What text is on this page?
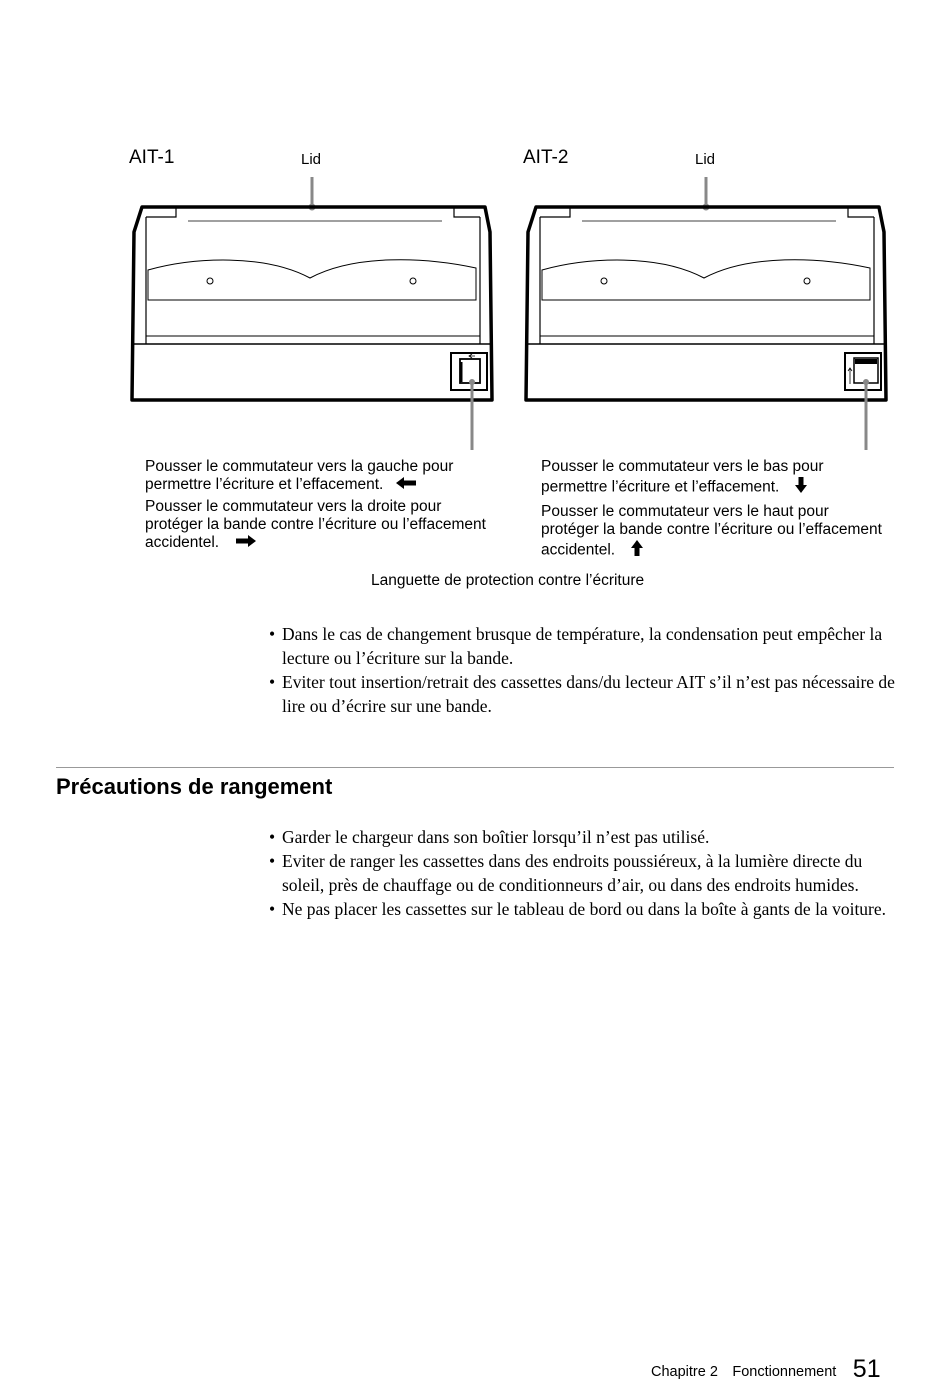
AIT-1	Lid

Pousser le commutateur vers la gauche pour

permettre l’écriture et l’effacement.

Pousser le commutateur vers la droite pour

protéger la bande contre l’écriture ou l’effacement

accidentel.

AIT-2	Lid

Pousser le commutateur vers le bas pour

permettre l’écriture et l’effacement.

Pousser le commutateur vers le haut pour

protéger la bande contre l’écriture ou l’effacement

accidentel.

Languette de protection contre l’écriture
• Dans le cas de changement brusque de température, la condensation peut empêcher la lecture ou l’écriture sur la bande.
• Eviter tout insertion/retrait des cassettes dans/du lecteur AIT s’il n’est pas nécessaire de lire ou d’écrire sur une bande.
Précautions de rangement
• Garder le chargeur dans son boîtier lorsqu’il n’est pas utilisé.
• Eviter de ranger les cassettes dans des endroits poussiéreux, à la lumière directe du soleil, près de chauffage ou de conditionneurs d’air, ou dans des endroits humides.
• Ne pas placer les cassettes sur le tableau de bord ou dans la boîte à gants de la voiture.
Chapitre 2 Fonctionnement 51
